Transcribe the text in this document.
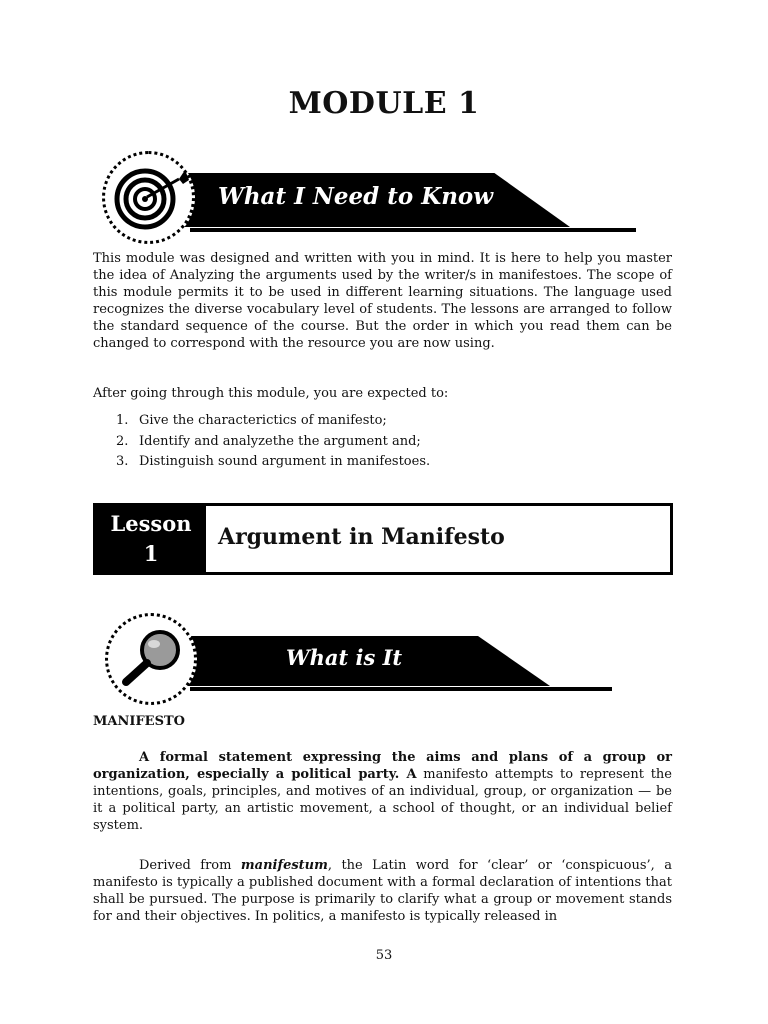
MODULE 1
What I Need to Know
This module was designed and written with you in mind. It is here to help you master the idea of Analyzing the arguments used by the writer/s in manifestoes. The scope of this module permits it to be used in different learning situations. The language used recognizes the diverse vocabulary level of students. The lessons are arranged to follow the standard sequence of the course. But the order in which you read them can be changed to correspond with the resource you are now using.
After going through this module, you are expected to:
1. Give the characterictics of manifesto;
2. Identify and analyzethe the argument and;
3. Distinguish sound argument in manifestoes.
Lesson
1
Argument in Manifesto
What is It
MANIFESTO
A formal statement expressing the aims and plans of a group or organization, especially a political party. A manifesto attempts to represent the intentions, goals, principles, and motives of an individual, group, or organization — be it a political party, an artistic movement, a school of thought, or an individual belief system.
Derived from manifestum, the Latin word for ‘clear’ or ‘conspicuous’, a manifesto is typically a published document with a formal declaration of intentions that shall be pursued. The purpose is primarily to clarify what a group or movement stands for and their objectives. In politics, a manifesto is typically released in
53
